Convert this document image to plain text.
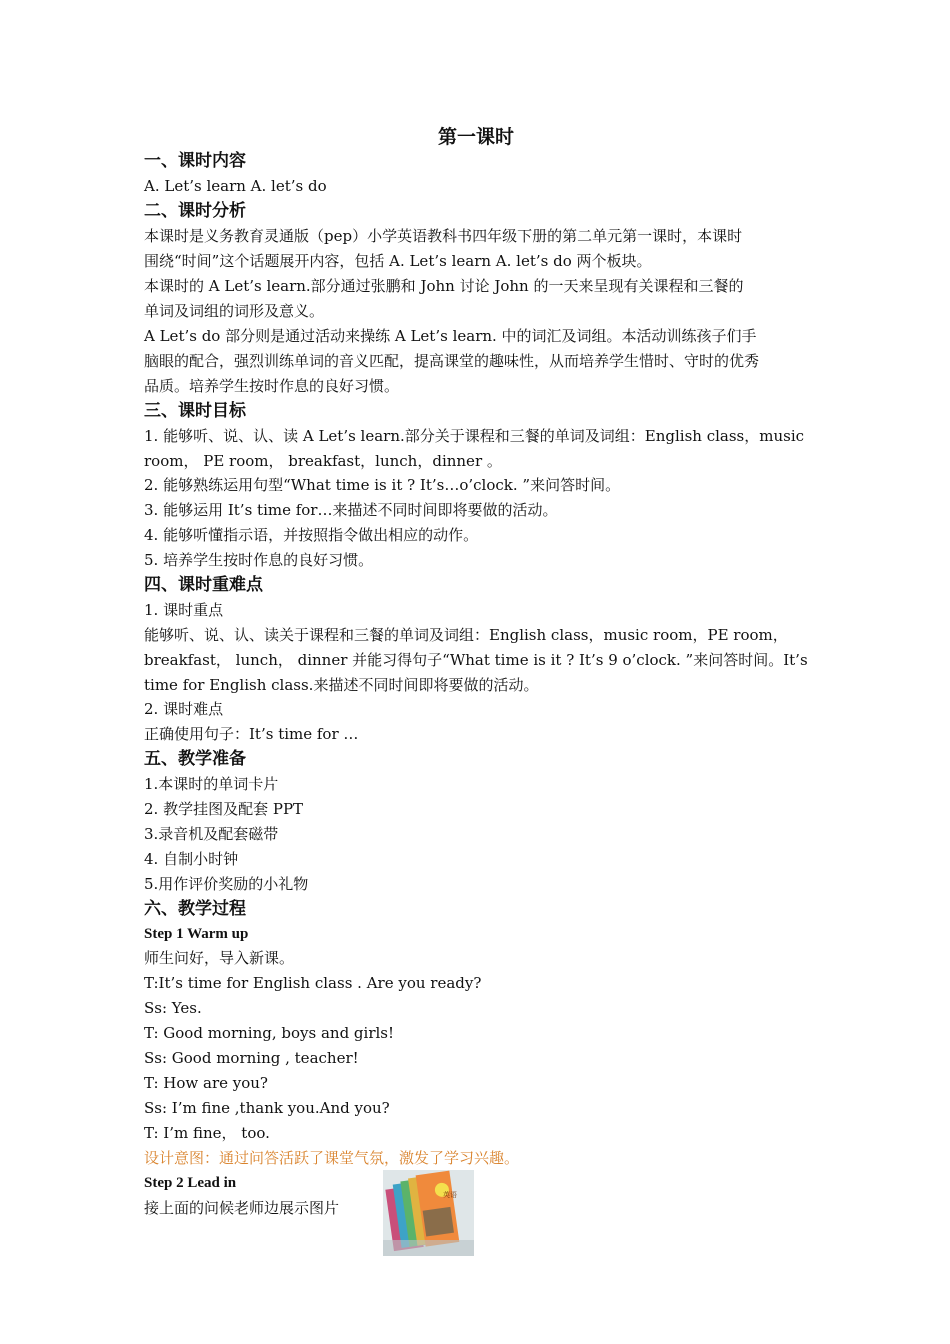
第一课时
一、课时内容
A. Let’s learn A. let’s do
二、课时分析
本课时是义务教育灵通版（pep）小学英语教科书四年级下册的第二单元第一课时，本课时
围绕“时间”这个话题展开内容，包括 A. Let’s learn A. let’s do 两个板块。
本课时的 A Let’s learn.部分通过张鹏和 John 讨论 John 的一天来呈现有关课程和三餐的
单词及词组的词形及意义。
A Let’s do 部分则是通过活动来操练 A Let’s learn. 中的词汇及词组。本活动训练孩子们手
脑眼的配合，强烈训练单词的音义匹配，提高课堂的趣味性，从而培养学生惜时、守时的优秀
品质。培养学生按时作息的良好习惯。
三、课时目标
1. 能够听、说、认、读 A Let’s learn.部分关于课程和三餐的单词及词组：English class，music
room， PE room， breakfast，lunch，dinner 。
2. 能够熟练运用句型“What time is it ? It’s…o’clock. ”来问答时间。
3. 能够运用 It’s time for…来描述不同时间即将要做的活动。
4. 能够听懂指示语，并按照指令做出相应的动作。
5. 培养学生按时作息的良好习惯。
四、课时重难点
1. 课时重点
能够听、说、认、读关于课程和三餐的单词及词组：English class，music room，PE room，
breakfast， lunch， dinner 并能习得句子“What time is it ? It’s 9 o’clock. ”来问答时间。It’s
time for English class.来描述不同时间即将要做的活动。
2. 课时难点
正确使用句子：It’s time for …
五、教学准备
1.本课时的单词卡片
2. 教学挂图及配套 PPT
3.录音机及配套磁带
4. 自制小时钟
5.用作评价奖励的小礼物
六、教学过程
Step 1 Warm up
师生问好，导入新课。
T:It’s time for English class . Are you ready?
Ss: Yes.
T: Good morning, boys and girls!
Ss: Good morning , teacher!
T: How are you?
Ss: I’m fine ,thank you.And you?
T: I’m fine， too.
设计意图：通过问答活跃了课堂气氛，激发了学习兴趣。
Step 2 Lead in
接上面的问候老师边展示图片
英语
